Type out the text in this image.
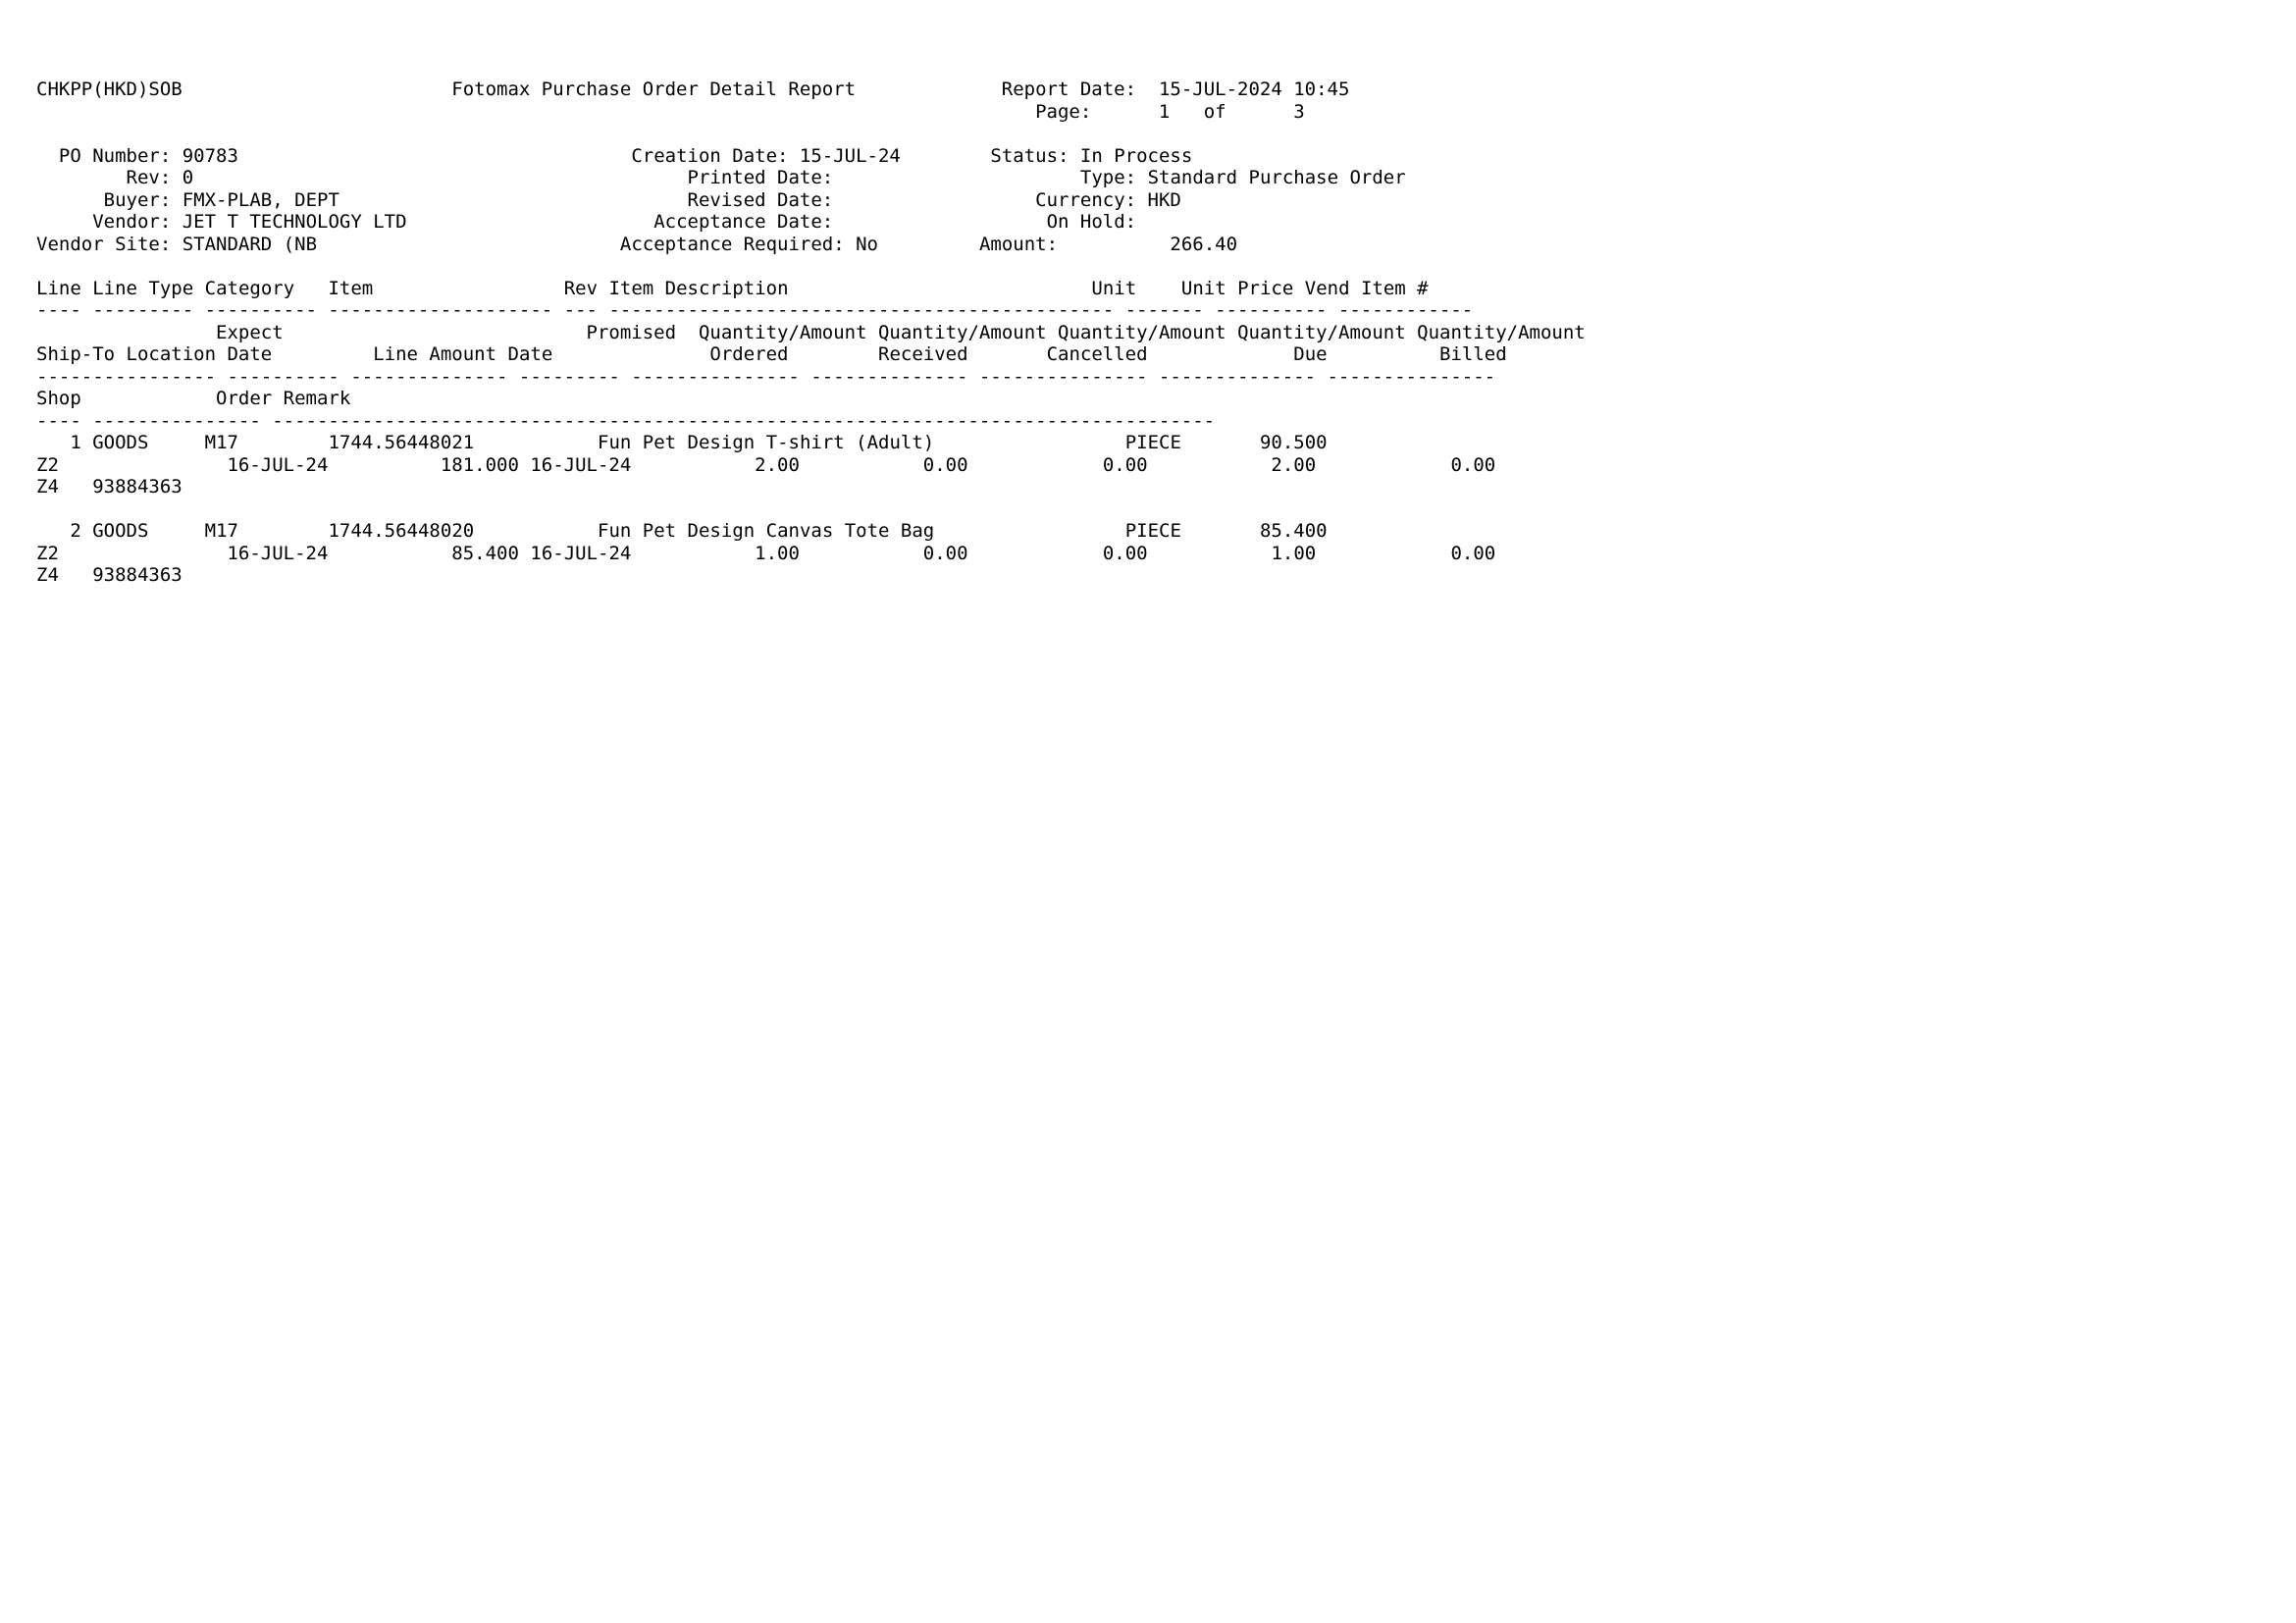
CHKPP(HKD)SOB	Fotomax Purchase Order Detail Report	Report Date: 15-JUL-2024 10:45
Page:	1 of	3
PO Number: 90783	Creation Date: 15-JUL-24	Status: In Process
Rev: 0	Printed Date:	Type: Standard Purchase Order
Buyer: FMX-PLAB, DEPT	Revised Date:	Currency: HKD
Vendor: JET T TECHNOLOGY LTD	Acceptance Date:	On Hold:
Vendor Site: STANDARD (NB	Acceptance Required: No	Amount:	266.40
Line Line Type Category Item	Rev Item Description	Unit Unit Price Vend Item #
---- --------- ---------- -------------------- --- --------------------------------------------- ------- ---------- ------------
Expect	Promised Quantity/Amount Quantity/Amount Quantity/Amount Quantity/Amount Quantity/Amount
Ship-To Location Date	Line Amount Date	Ordered	Received	Cancelled	Due	Billed
---------------- ---------- -------------- --------- --------------- -------------- --------------- -------------- ---------------
Shop	Order Remark
---- --------------- ------------------------------------------------------------------------------------
1 GOODS	M17	1744.56448021	Fun Pet Design T-shirt (Adult)	PIECE	90.500
Z2	16-JUL-24	181.000 16-JUL-24	2.00	0.00	0.00	2.00	0.00
Z4 93884363
2 GOODS	M17	1744.56448020	Fun Pet Design Canvas Tote Bag	PIECE	85.400
Z2	16-JUL-24	85.400 16-JUL-24	1.00	0.00	0.00	1.00	0.00
Z4 93884363
